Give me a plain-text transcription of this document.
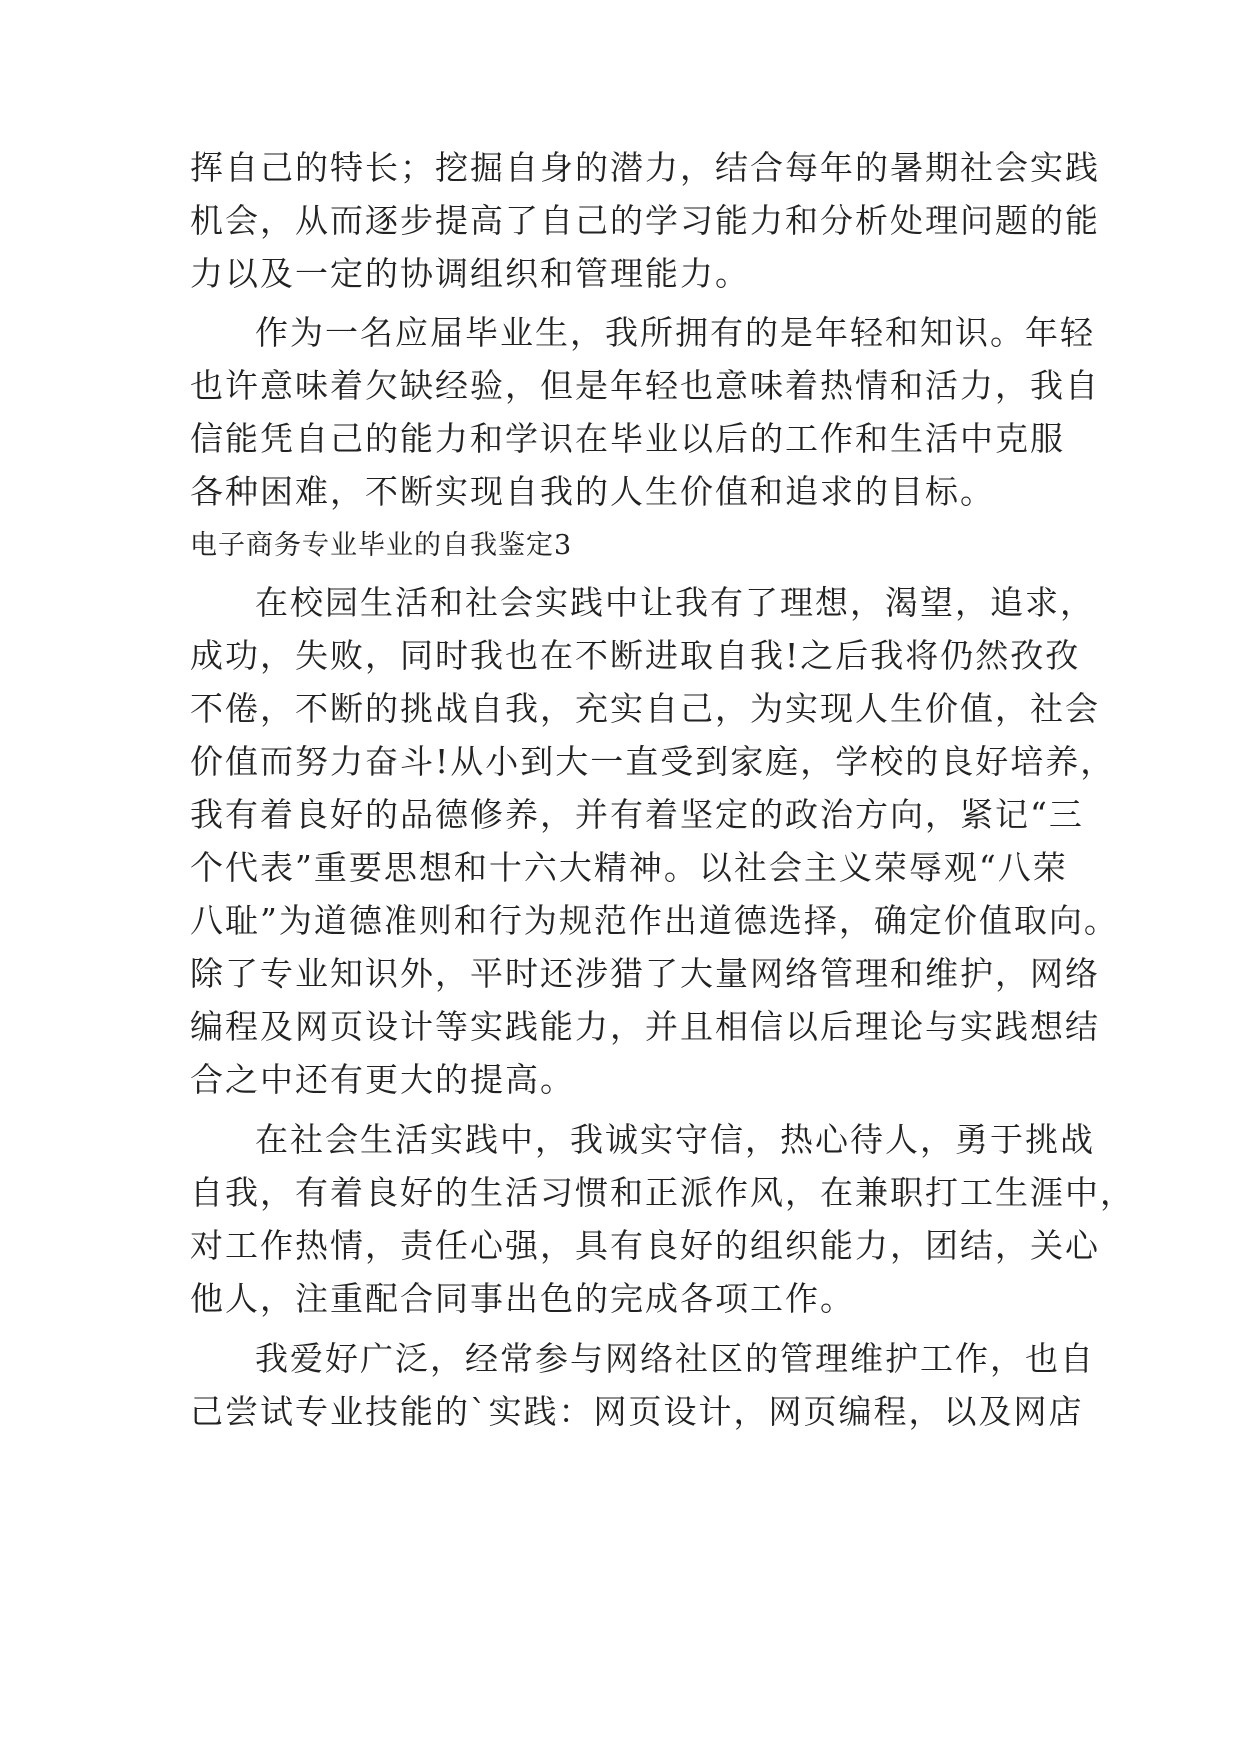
挥自己的特长；挖掘自身的潜力，结合每年的暑期社会实践
机会，从而逐步提高了自己的学习能力和分析处理问题的能
力以及一定的协调组织和管理能力。
作为一名应届毕业生，我所拥有的是年轻和知识。年轻
也许意味着欠缺经验，但是年轻也意味着热情和活力，我自
信能凭自己的能力和学识在毕业以后的工作和生活中克服
各种困难，不断实现自我的人生价值和追求的目标。
电子商务专业毕业的自我鉴定3
在校园生活和社会实践中让我有了理想，渴望，追求，
成功，失败，同时我也在不断进取自我!之后我将仍然孜孜
不倦，不断的挑战自我，充实自己，为实现人生价值，社会
价值而努力奋斗!从小到大一直受到家庭，学校的良好培养，
我有着良好的品德修养，并有着坚定的政治方向，紧记“三
个代表”重要思想和十六大精神。以社会主义荣辱观“八荣
八耻”为道德准则和行为规范作出道德选择，确定价值取向。
除了专业知识外，平时还涉猎了大量网络管理和维护，网络
编程及网页设计等实践能力，并且相信以后理论与实践想结
合之中还有更大的提高。
在社会生活实践中，我诚实守信，热心待人，勇于挑战
自我，有着良好的生活习惯和正派作风，在兼职打工生涯中，
对工作热情，责任心强，具有良好的组织能力，团结，关心
他人，注重配合同事出色的完成各项工作。
我爱好广泛，经常参与网络社区的管理维护工作，也自
己尝试专业技能的`实践：网页设计，网页编程，以及网店
